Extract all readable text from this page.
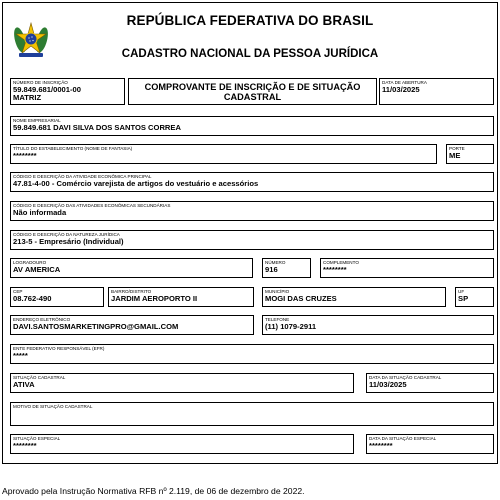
REPÚBLICA FEDERATIVA DO BRASIL
CADASTRO NACIONAL DA PESSOA JURÍDICA
NÚMERO DE INSCRIÇÃO
59.849.681/0001-00
MATRIZ
COMPROVANTE DE INSCRIÇÃO E DE SITUAÇÃO
CADASTRAL
DATA DE ABERTURA
11/03/2025
NOME EMPRESARIAL
59.849.681 DAVI SILVA DOS SANTOS CORREA
TÍTULO DO ESTABELECIMENTO (NOME DE FANTASIA)
********
PORTE
ME
CÓDIGO E DESCRIÇÃO DA ATIVIDADE ECONÔMICA PRINCIPAL
47.81-4-00 - Comércio varejista de artigos do vestuário e acessórios
CÓDIGO E DESCRIÇÃO DAS ATIVIDADES ECONÔMICAS SECUNDÁRIAS
Não informada
CÓDIGO E DESCRIÇÃO DA NATUREZA JURÍDICA
213-5 - Empresário (Individual)
LOGRADOURO
AV AMERICA
NÚMERO
916
COMPLEMENTO
********
CEP
08.762-490
BAIRRO/DISTRITO
JARDIM AEROPORTO II
MUNICÍPIO
MOGI DAS CRUZES
UF
SP
ENDEREÇO ELETRÔNICO
DAVI.SANTOSMARKETINGPRO@GMAIL.COM
TELEFONE
(11) 1079-2911
ENTE FEDERATIVO RESPONSÁVEL (EFR)
*****
SITUAÇÃO CADASTRAL
ATIVA
DATA DA SITUAÇÃO CADASTRAL
11/03/2025
MOTIVO DE SITUAÇÃO CADASTRAL
SITUAÇÃO ESPECIAL
********
DATA DA SITUAÇÃO ESPECIAL
********
Aprovado pela Instrução Normativa RFB nº 2.119, de 06 de dezembro de 2022.
